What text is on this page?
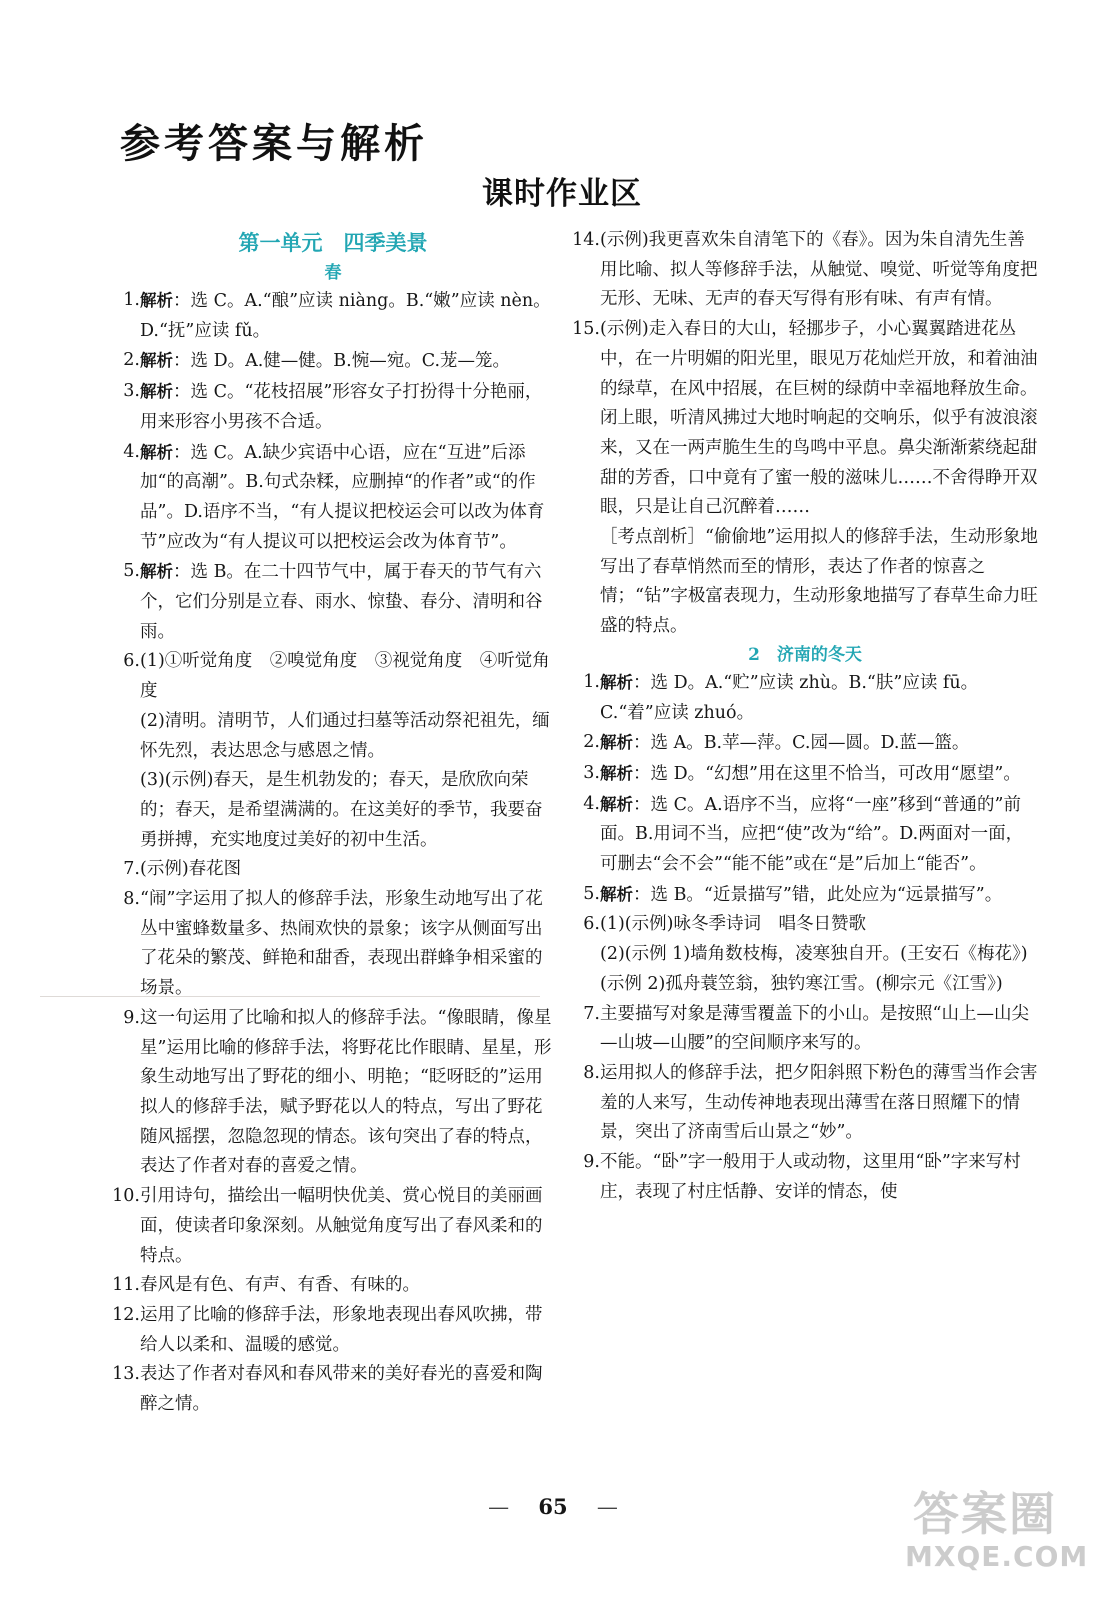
参考答案与解析
课时作业区
第一单元　四季美景
春
1. 解析：选 C。A.“酿”应读 niàng。B.“嫩”应读 nèn。D.“抚”应读 fǔ。
2. 解析：选 D。A.健—健。B.惋—宛。C.茏—笼。
3. 解析：选 C。“花枝招展”形容女子打扮得十分艳丽，用来形容小男孩不合适。
4. 解析：选 C。A.缺少宾语中心语，应在“互进”后添加“的高潮”。B.句式杂糅，应删掉“的作者”或“的作品”。D.语序不当，“有人提议把校运会可以改为体育节”应改为“有人提议可以把校运会改为体育节”。
5. 解析：选 B。在二十四节气中，属于春天的节气有六个，它们分别是立春、雨水、惊蛰、春分、清明和谷雨。
6. (1)①听觉角度　②嗅觉角度　③视觉角度　④听觉角度
(2)清明。清明节，人们通过扫墓等活动祭祀祖先，缅怀先烈，表达思念与感恩之情。
(3)(示例)春天，是生机勃发的；春天，是欣欣向荣的；春天，是希望满满的。在这美好的季节，我要奋勇拼搏，充实地度过美好的初中生活。
7. (示例)春花图
8. “闹”字运用了拟人的修辞手法，形象生动地写出了花丛中蜜蜂数量多、热闹欢快的景象；该字从侧面写出了花朵的繁茂、鲜艳和甜香，表现出群蜂争相采蜜的场景。
9. 这一句运用了比喻和拟人的修辞手法。“像眼睛，像星星”运用比喻的修辞手法，将野花比作眼睛、星星，形象生动地写出了野花的细小、明艳；“眨呀眨的”运用拟人的修辞手法，赋予野花以人的特点，写出了野花随风摇摆，忽隐忽现的情态。该句突出了春的特点，表达了作者对春的喜爱之情。
10. 引用诗句，描绘出一幅明快优美、赏心悦目的美丽画面，使读者印象深刻。从触觉角度写出了春风柔和的特点。
11. 春风是有色、有声、有香、有味的。
12. 运用了比喻的修辞手法，形象地表现出春风吹拂，带给人以柔和、温暖的感觉。
13. 表达了作者对春风和春风带来的美好春光的喜爱和陶醉之情。
14. (示例)我更喜欢朱自清笔下的《春》。因为朱自清先生善用比喻、拟人等修辞手法，从触觉、嗅觉、听觉等角度把无形、无味、无声的春天写得有形有味、有声有情。
15. (示例)走入春日的大山，轻挪步子，小心翼翼踏进花丛中，在一片明媚的阳光里，眼见万花灿烂开放，和着油油的绿草，在风中招展，在巨树的绿荫中幸福地释放生命。闭上眼，听清风拂过大地时响起的交响乐，似乎有波浪滚来，又在一两声脆生生的鸟鸣中平息。鼻尖渐渐萦绕起甜甜的芳香，口中竟有了蜜一般的滋味儿……不舍得睁开双眼，只是让自己沉醉着……
［考点剖析］“偷偷地”运用拟人的修辞手法，生动形象地写出了春草悄然而至的情形，表达了作者的惊喜之情；“钻”字极富表现力，生动形象地描写了春草生命力旺盛的特点。
2　济南的冬天
1. 解析：选 D。A.“贮”应读 zhù。B.“肤”应读 fū。C.“着”应读 zhuó。
2. 解析：选 A。B.苹—萍。C.园—圆。D.蓝—篮。
3. 解析：选 D。“幻想”用在这里不恰当，可改用“愿望”。
4. 解析：选 C。A.语序不当，应将“一座”移到“普通的”前面。B.用词不当，应把“使”改为“给”。D.两面对一面，可删去“会不会”“能不能”或在“是”后加上“能否”。
5. 解析：选 B。“近景描写”错，此处应为“远景描写”。
6. (1)(示例)咏冬季诗词　唱冬日赞歌
(2)(示例 1)墙角数枝梅，凌寒独自开。(王安石《梅花》)
(示例 2)孤舟蓑笠翁，独钓寒江雪。(柳宗元《江雪》)
7. 主要描写对象是薄雪覆盖下的小山。是按照“山上—山尖—山坡—山腰”的空间顺序来写的。
8. 运用拟人的修辞手法，把夕阳斜照下粉色的薄雪当作会害羞的人来写，生动传神地表现出薄雪在落日照耀下的情景，突出了济南雪后山景之“妙”。
9. 不能。“卧”字一般用于人或动物，这里用“卧”字来写村庄，表现了村庄恬静、安详的情态，使
— 65 —	答案圈
MXQE.COM
